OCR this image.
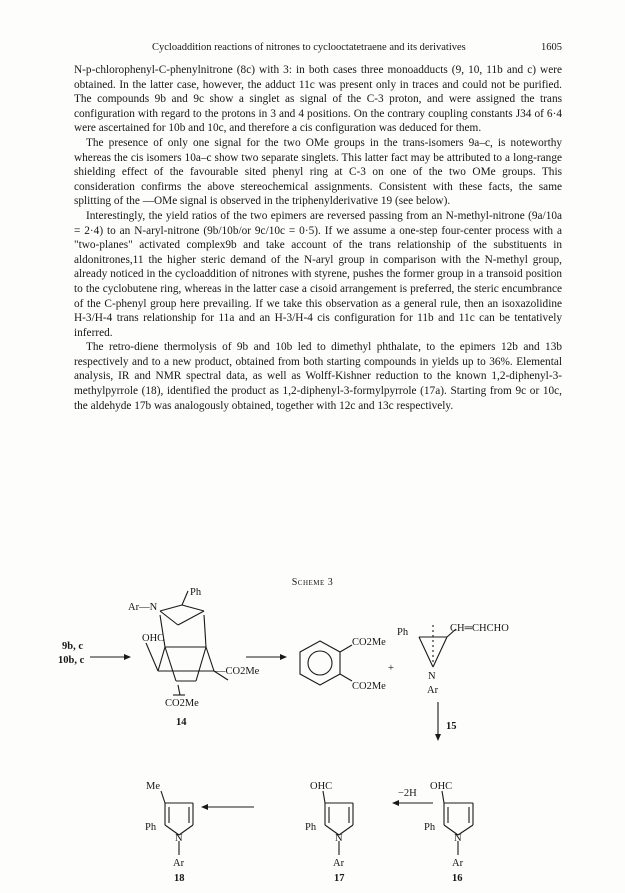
Cycloaddition reactions of nitrones to cyclooctatetraene and its derivatives	1605

N-p-chlorophenyl-C-phenylnitrone (8c) with 3: in both cases three monoadducts (9, 10, 11b and c) were obtained. In the latter case, however, the adduct 11c was present only in traces and could not be purified. The compounds 9b and 9c show a singlet as signal of the C-3 proton, and were assigned the trans configuration with regard to the protons in 3 and 4 positions. On the contrary coupling constants J34 of 6·4 were ascertained for 10b and 10c, and therefore a cis configuration was deduced for them.

The presence of only one signal for the two OMe groups in the trans-isomers 9a–c, is noteworthy whereas the cis isomers 10a–c show two separate singlets. This latter fact may be attributed to a long-range shielding effect of the favourable sited phenyl ring at C-3 on one of the two OMe groups. This consideration confirms the above stereochemical assignments. Consistent with these facts, the same splitting of the —OMe signal is observed in the triphenylderivative 19 (see below).

Interestingly, the yield ratios of the two epimers are reversed passing from an N-methyl-nitrone (9a/10a = 2·4) to an N-aryl-nitrone (9b/10b/or 9c/10c = 0·5). If we assume a one-step four-center process with a "two-planes" activated complex9b and take account of the trans relationship of the substituents in aldonitrones,11 the higher steric demand of the N-aryl group in comparison with the N-methyl group, already noticed in the cycloaddition of nitrones with styrene, pushes the former group in a transoid position to the cyclobutene ring, whereas in the latter case a cisoid arrangement is preferred, the steric encumbrance of the C-phenyl group here prevailing. If we take this observation as a general rule, then an isoxazolidine H-3/H-4 trans relationship for 11a and an H-3/H-4 cis configuration for 11b and 11c can be tentatively inferred.

The retro-diene thermolysis of 9b and 10b led to dimethyl phthalate, to the epimers 12b and 13b respectively and to a new product, obtained from both starting compounds in yields up to 36%. Elemental analysis, IR and NMR spectral data, as well as Wolff-Kishner reduction to the known 1,2-diphenyl-3-methylpyrrole (18), identified the product as 1,2-diphenyl-3-formylpyrrole (17a). Starting from 9c or 10c, the aldehyde 17b was analogously obtained, together with 12c and 13c respectively.

Scheme 3
9b, c
10b, c
Ar—N
Ph
OHC
—CO2Me
CO2Me
14
CO2Me
CO2Me
+
Ph	CH═CHCHO
N
Ar
15
OHC
Ph
N
Ar
16
−2H
OHC
Ph
N
Ar
17
Me
Ph
N
Ar
18
